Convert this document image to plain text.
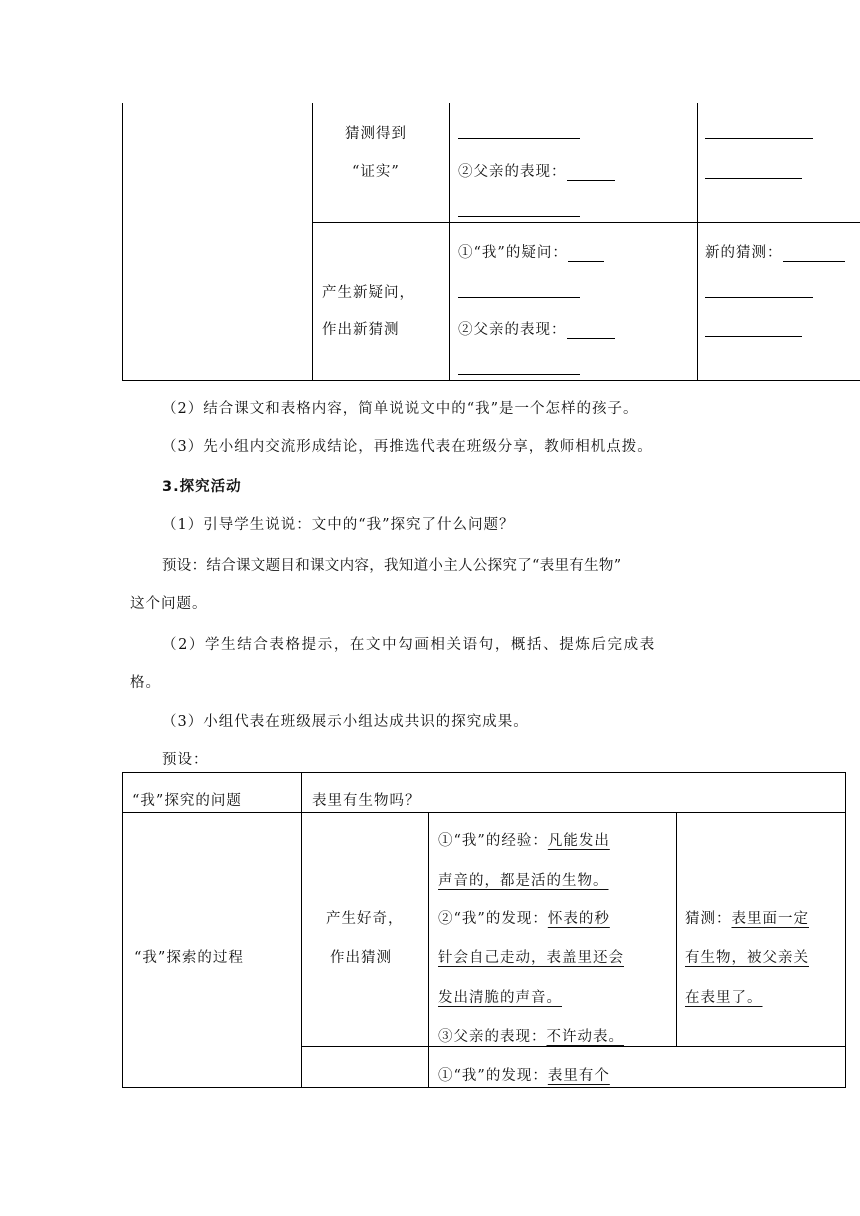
猜测得到
“证实”	②父亲的表现：
产生新疑问，
作出新猜测
①“我”的疑问：
②父亲的表现：
新的猜测：
（2）结合课文和表格内容，简单说说文中的“我”是一个怎样的孩子。
（3）先小组内交流形成结论，再推选代表在班级分享，教师相机点拨。
3.探究活动
（1）引导学生说说：文中的“我”探究了什么问题？
预设：结合课文题目和课文内容，我知道小主人公探究了“表里有生物”
这个问题。
（2）学生结合表格提示，在文中勾画相关语句，概括、提炼后完成表
格。
（3）小组代表在班级展示小组达成共识的探究成果。
预设：
“我”探究的问题	表里有生物吗？
“我”探索的过程
产生好奇，
作出猜测
①“我”的经验：凡能发出
声音的，都是活的生物。
②“我”的发现：怀表的秒
针会自己走动，表盖里还会
发出清脆的声音。
③父亲的表现：不许动表。
猜测：表里面一定
有生物，被父亲关
在表里了。
①“我”的发现：表里有个
